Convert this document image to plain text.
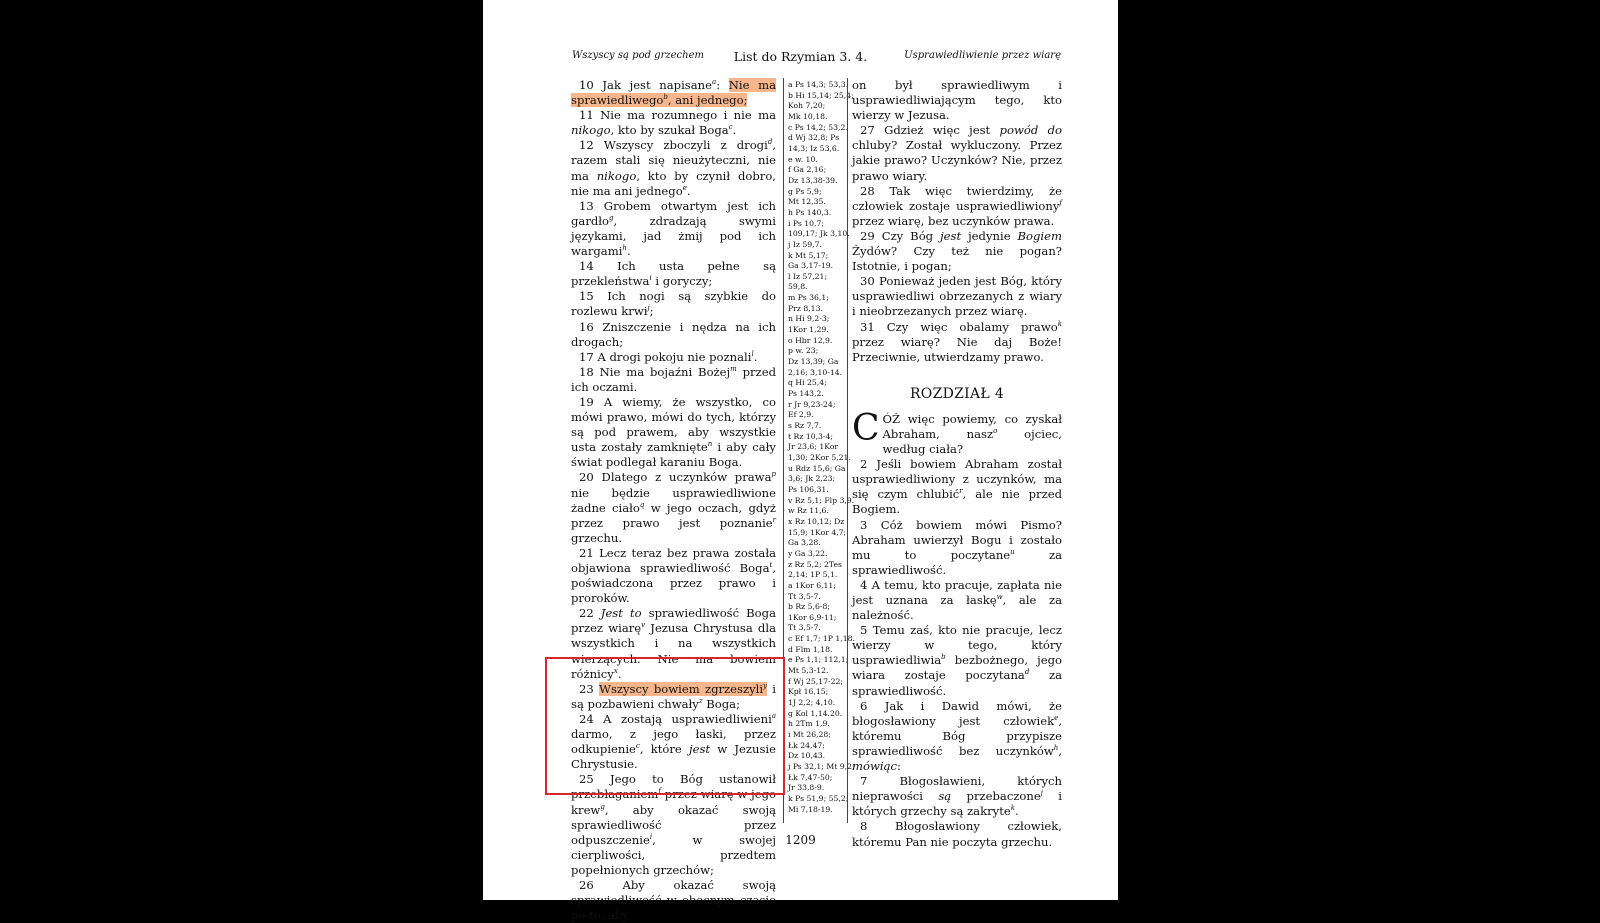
Wszyscy są pod grzechem	List do Rzymian 3. 4.	Usprawiedliwienie przez wiarę

10 Jak jest napisane$^a$: Nie ma sprawiedliwego$^b$, ani jednego;

11 Nie ma rozumnego i nie ma nikogo, kto by szukał Boga$^c$.

12 Wszyscy zboczyli z drogi$^d$, razem stali się nieużyteczni, nie ma nikogo, kto by czynił dobro, nie ma ani jednego$^e$.

13 Grobem otwartym jest ich gardło$^g$, zdradzają swymi językami, jad żmij pod ich wargami$^h$.

14 Ich usta pełne są przekleństwa$^i$ i goryczy;

15 Ich nogi są szybkie do rozlewu krwi$^j$;

16 Zniszczenie i nędza na ich drogach;

17 A drogi pokoju nie poznali$^l$.

18 Nie ma bojaźni Bożej$^m$ przed ich oczami.

19 A wiemy, że wszystko, co mówi prawo, mówi do tych, którzy są pod prawem, aby wszystkie usta zostały zamknięte$^n$ i aby cały świat podlegał karaniu Boga.

20 Dlatego z uczynków prawa$^p$ nie będzie usprawiedliwione żadne ciało$^q$ w jego oczach, gdyż przez prawo jest poznanie$^r$ grzechu.

21 Lecz teraz bez prawa została objawiona sprawiedliwość Boga$^t$, poświadczona przez prawo i proroków.

22 Jest to sprawiedliwość Boga przez wiarę$^v$ Jezusa Chrystusa dla wszystkich i na wszystkich wierzących. Nie ma bowiem różnicy$^x$.

23 Wszyscy bowiem zgrzeszyli$^y$ i są pozbawieni chwały$^z$ Boga;

24 A zostają usprawiedliwieni$^a$ darmo, z jego łaski, przez odkupienie$^c$, które jest w Jezusie Chrystusie.

25 Jego to Bóg ustanowił przebłaganiem$^f$ przez wiarę w jego krew$^g$, aby okazać swoją sprawiedliwość przez odpuszczenie$^i$, w swojej cierpliwości, przedtem popełnionych grzechów;

26 Aby okazać swoją sprawiedliwość w obecnym czasie po to, aby

a Ps 14,3; 53,3.
b Hi 15,14; 25,4;
Koh 7,20;
Mk 10,18.
c Ps 14,2; 53,2.
d Wj 32,8; Ps
14,3; Iz 53,6.
e w. 10.
f Ga 2,16;
Dz 13,38-39.
g Ps 5,9;
Mt 12,35.
h Ps 140,3.
i Ps 10,7;
109,17; Jk 3,10.
j Iz 59,7.
k Mt 5,17;
Ga 3,17-19.
l Iz 57,21;
59,8.
m Ps 36,1;
Prz 8,13.
n Hi 9,2-3;
1Kor 1,29.
o Hbr 12,9.
p w. 23;
Dz 13,39; Ga
2,16; 3,10-14.
q Hi 25,4;
Ps 143,2.
r Jr 9,23-24;
Ef 2,9.
s Rz 7,7.
t Rz 10,3-4;
Jr 23,6; 1Kor
1,30; 2Kor 5,21.
u Rdz 15,6; Ga
3,6; Jk 2,23;
Ps 106,31.
v Rz 5,1; Flp 3,9.
w Rz 11,6.
x Rz 10,12; Dz
15,9; 1Kor 4,7;
Ga 3,28.
y Ga 3,22.
z Rz 5,2; 2Tes
2,14; 1P 5,1.
a 1Kor 6,11;
Tt 3,5-7.
b Rz 5,6-8;
1Kor 6,9-11;
Tt 3,5-7.
c Ef 1,7; 1P 1,18.
d Flm 1,18.
e Ps 1,1; 112,1;
Mt 5,3-12.
f Wj 25,17-22;
Kpł 16,15;
1J 2,2; 4,10.
g Kol 1,14.20.
h 2Tm 1,9.
i Mt 26,28;
Łk 24,47;
Dz 10,43.
j Ps 32,1; Mt 9,2;
Łk 7,47-50;
Jr 33,8-9.
k Ps 51,9; 55,2;
Mi 7,18-19.

on był sprawiedliwym i usprawiedliwiającym tego, kto wierzy w Jezusa.

27 Gdzież więc jest powód do chluby? Został wykluczony. Przez jakie prawo? Uczynków? Nie, przez prawo wiary.

28 Tak więc twierdzimy, że człowiek zostaje usprawiedliwiony$^f$ przez wiarę, bez uczynków prawa.

29 Czy Bóg jest jedynie Bogiem Żydów? Czy też nie pogan? Istotnie, i pogan;

30 Ponieważ jeden jest Bóg, który usprawiedliwi obrzezanych z wiary i nieobrzezanych przez wiarę.

31 Czy więc obalamy prawo$^k$ przez wiarę? Nie daj Boże! Przeciwnie, utwierdzamy prawo.

ROZDZIAŁ 4

CÓŻ więc powiemy, co zyskał Abraham, nasz$^o$ ojciec, według ciała?

2 Jeśli bowiem Abraham został usprawiedliwiony z uczynków, ma się czym chlubić$^r$, ale nie przed Bogiem.

3 Cóż bowiem mówi Pismo? Abraham uwierzył Bogu i zostało mu to poczytane$^u$ za sprawiedliwość.

4 A temu, kto pracuje, zapłata nie jest uznana za łaskę$^w$, ale za należność.

5 Temu zaś, kto nie pracuje, lecz wierzy w tego, który usprawiedliwia$^b$ bezbożnego, jego wiara zostaje poczytana$^d$ za sprawiedliwość.

6 Jak i Dawid mówi, że błogosławiony jest człowiek$^e$, któremu Bóg przypisze sprawiedliwość bez uczynków$^h$, mówiąc:

7 Błogosławieni, których nieprawości są przebaczone$^j$ i których grzechy są zakryte$^k$.

8 Błogosławiony człowiek, któremu Pan nie poczyta grzechu.

1209
